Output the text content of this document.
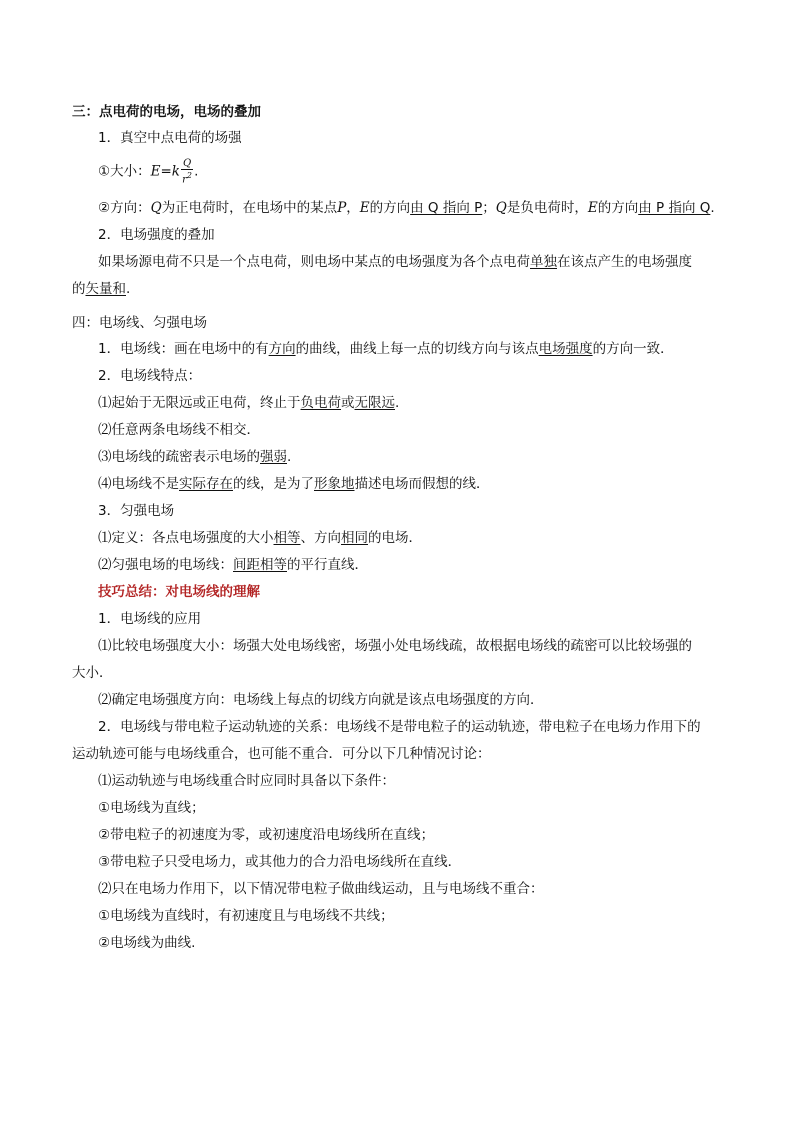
三：点电荷的电场，电场的叠加
1．真空中点电荷的场强
①大小：$E=k \frac{Q}{r^2}$ .
②方向：Q为正电荷时，在电场中的某点P，E的方向由 Q 指向 P；Q是负电荷时，E的方向由 P 指向 Q.
2．电场强度的叠加
如果场源电荷不只是一个点电荷，则电场中某点的电场强度为各个点电荷单独在该点产生的电场强度
的矢量和.
四：电场线、匀强电场
1．电场线：画在电场中的有方向的曲线，曲线上每一点的切线方向与该点电场强度的方向一致．
2．电场线特点：
⑴起始于无限远或正电荷，终止于负电荷或无限远.
⑵任意两条电场线不相交．
⑶电场线的疏密表示电场的强弱.
⑷电场线不是实际存在的线，是为了形象地描述电场而假想的线．
3．匀强电场
⑴定义：各点电场强度的大小相等、方向相同的电场．
⑵匀强电场的电场线：间距相等的平行直线．
技巧总结：对电场线的理解
1．电场线的应用
⑴比较电场强度大小：场强大处电场线密，场强小处电场线疏，故根据电场线的疏密可以比较场强的
大小．
⑵确定电场强度方向：电场线上每点的切线方向就是该点电场强度的方向．
2．电场线与带电粒子运动轨迹的关系：电场线不是带电粒子的运动轨迹，带电粒子在电场力作用下的
运动轨迹可能与电场线重合，也可能不重合．可分以下几种情况讨论：
⑴运动轨迹与电场线重合时应同时具备以下条件：
①电场线为直线；
②带电粒子的初速度为零，或初速度沿电场线所在直线；
③带电粒子只受电场力，或其他力的合力沿电场线所在直线．
⑵只在电场力作用下，以下情况带电粒子做曲线运动，且与电场线不重合：
①电场线为直线时，有初速度且与电场线不共线；
②电场线为曲线.
